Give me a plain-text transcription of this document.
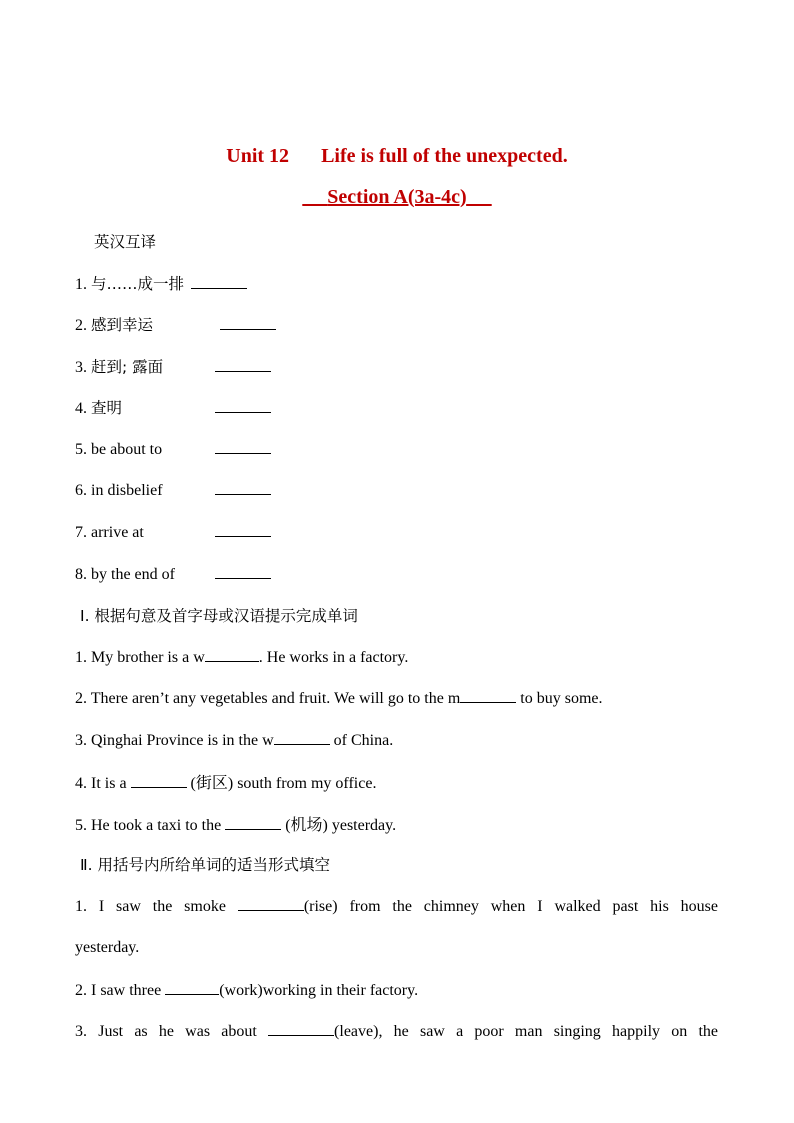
Unit 12 Life is full of the unexpected.
Section A(3a-4c)
英汉互译
1. 与……成一排
2. 感到幸运
3. 赶到; 露面
4. 查明
5. be about to
6. in disbelief
7. arrive at
8. by the end of
Ⅰ. 根据句意及首字母或汉语提示完成单词
1. My brother is a w	. He works in a factory.
2. There aren’t any vegetables and fruit. We will go to the m	to buy some.
3. Qinghai Province is in the w	of China.
4. It is a	(街区) south from my office.
5. He took a taxi to the	(机场) yesterday.
Ⅱ. 用括号内所给单词的适当形式填空
1. I saw the smoke	(rise) from the chimney when I walked past his house
yesterday.
2. I saw three	(work)working in their factory.
3. Just as he was about	(leave), he saw a poor man singing happily on the
